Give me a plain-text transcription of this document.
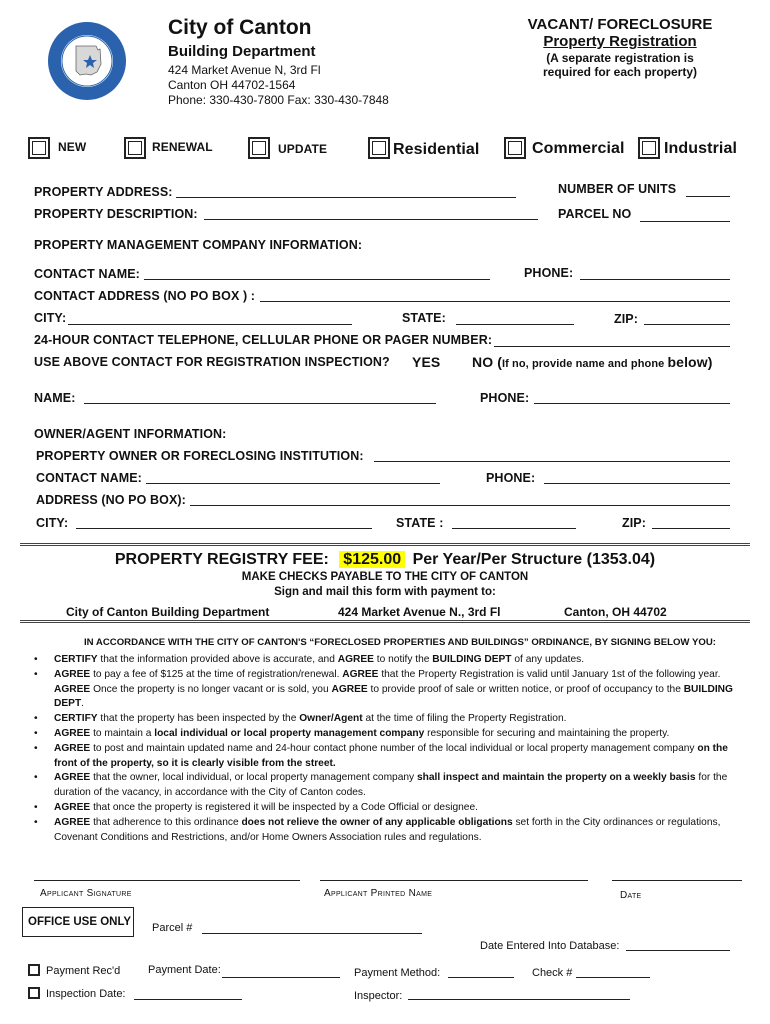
City of Canton
Building Department
424 Market Avenue N, 3rd Fl
Canton OH 44702-1564
Phone: 330-430-7800 Fax: 330-430-7848
VACANT/ FORECLOSURE
Property Registration
(A separate registration is
required for each property)
NEW	RENEWAL	UPDATE	Residential	Commercial Industrial
PROPERTY ADDRESS:	NUMBER OF UNITS
PROPERTY DESCRIPTION:	PARCEL NO
PROPERTY MANAGEMENT COMPANY INFORMATION:
CONTACT NAME:	PHONE:
CONTACT ADDRESS (NO PO BOX ) :
CITY:	STATE:	ZIP:
24-HOUR CONTACT TELEPHONE, CELLULAR PHONE OR PAGER NUMBER:
USE ABOVE CONTACT FOR REGISTRATION INSPECTION? YES NO (If no, provide name and phone below)
NAME:	PHONE:
OWNER/AGENT INFORMATION:
PROPERTY OWNER OR FORECLOSING INSTITUTION:
CONTACT NAME:	PHONE:
ADDRESS (NO PO BOX):
CITY:	STATE :	ZIP:
PROPERTY REGISTRY FEE: $125.00 Per Year/Per Structure (1353.04)
MAKE CHECKS PAYABLE TO THE CITY OF CANTON
Sign and mail this form with payment to:
City of Canton Building Department	424 Market Avenue N., 3rd Fl	Canton, OH 44702
IN ACCORDANCE WITH THE CITY OF CANTON'S “FORECLOSED PROPERTIES AND BUILDINGS” ORDINANCE, BY SIGNING BELOW YOU:
• CERTIFY that the information provided above is accurate, and AGREE to notify the BUILDING DEPT of any updates.
• AGREE to pay a fee of $125 at the time of registration/renewal. AGREE that the Property Registration is valid until January 1st of the following year. AGREE Once the property is no longer vacant or is sold, you AGREE to provide proof of sale or written notice, or proof of occupancy to the BUILDING DEPT.
• CERTIFY that the property has been inspected by the Owner/Agent at the time of filing the Property Registration.
• AGREE to maintain a local individual or local property management company responsible for securing and maintaining the property.
• AGREE to post and maintain updated name and 24-hour contact phone number of the local individual or local property management company on the front of the property, so it is clearly visible from the street.
• AGREE that the owner, local individual, or local property management company shall inspect and maintain the property on a weekly basis for the duration of the vacancy, in accordance with the City of Canton codes.
• AGREE that once the property is registered it will be inspected by a Code Official or designee.
• AGREE that adherence to this ordinance does not relieve the owner of any applicable obligations set forth in the City ordinances or regulations, Covenant Conditions and Restrictions, and/or Home Owners Association rules and regulations.
Applicant Signature	Applicant Printed Name	Date
OFFICE USE ONLY Parcel #
Date Entered Into Database:
Payment Rec'd	Payment Date:	Payment Method:	Check #
Inspection Date:	Inspector:
